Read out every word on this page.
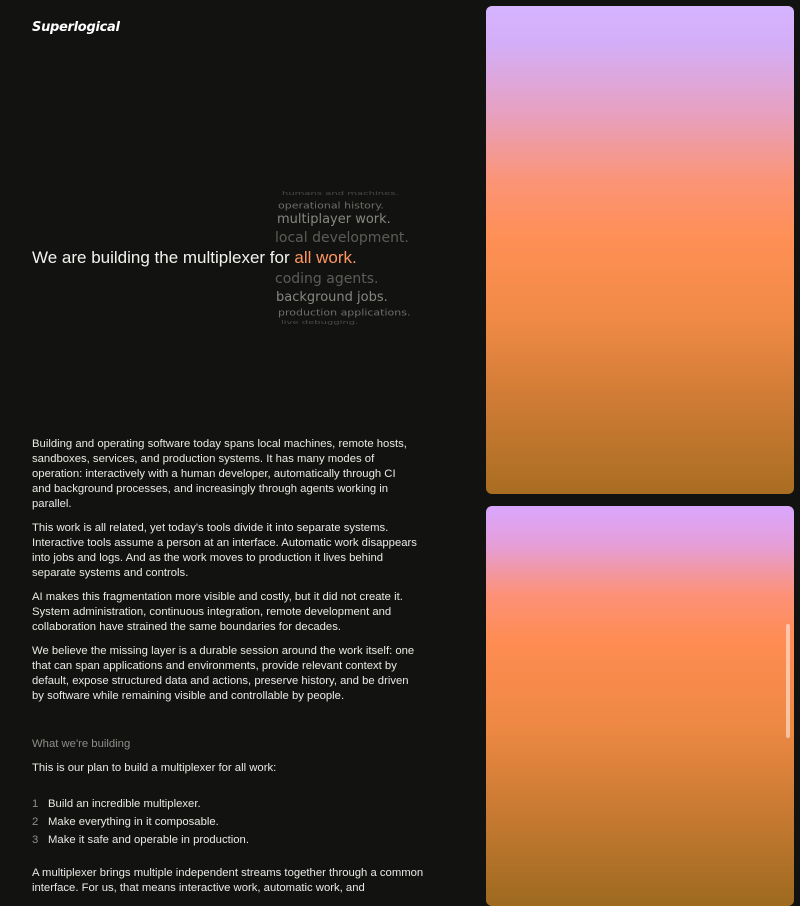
Superlogical
We are building the multiplexer for all work.
humans and machines.
operational history.
multiplayer work.
local development.
coding agents.
background jobs.
production applications.
live debugging.

Building and operating software today spans local machines, remote hosts, sandboxes, services, and production systems. It has many modes of operation: interactively with a human developer, automatically through CI and background processes, and increasingly through agents working in parallel.

This work is all related, yet today's tools divide it into separate systems. Interactive tools assume a person at an interface. Automatic work disappears into jobs and logs. And as the work moves to production it lives behind separate systems and controls.

AI makes this fragmentation more visible and costly, but it did not create it. System administration, continuous integration, remote development and collaboration have strained the same boundaries for decades.

We believe the missing layer is a durable session around the work itself: one that can span applications and environments, provide relevant context by default, expose structured data and actions, preserve history, and be driven by software while remaining visible and controllable by people.

What we're building
This is our plan to build a multiplexer for all work:
1 Build an incredible multiplexer.
2 Make everything in it composable.
3 Make it safe and operable in production.
A multiplexer brings multiple independent streams together through a common interface. For us, that means interactive work, automatic work, and
